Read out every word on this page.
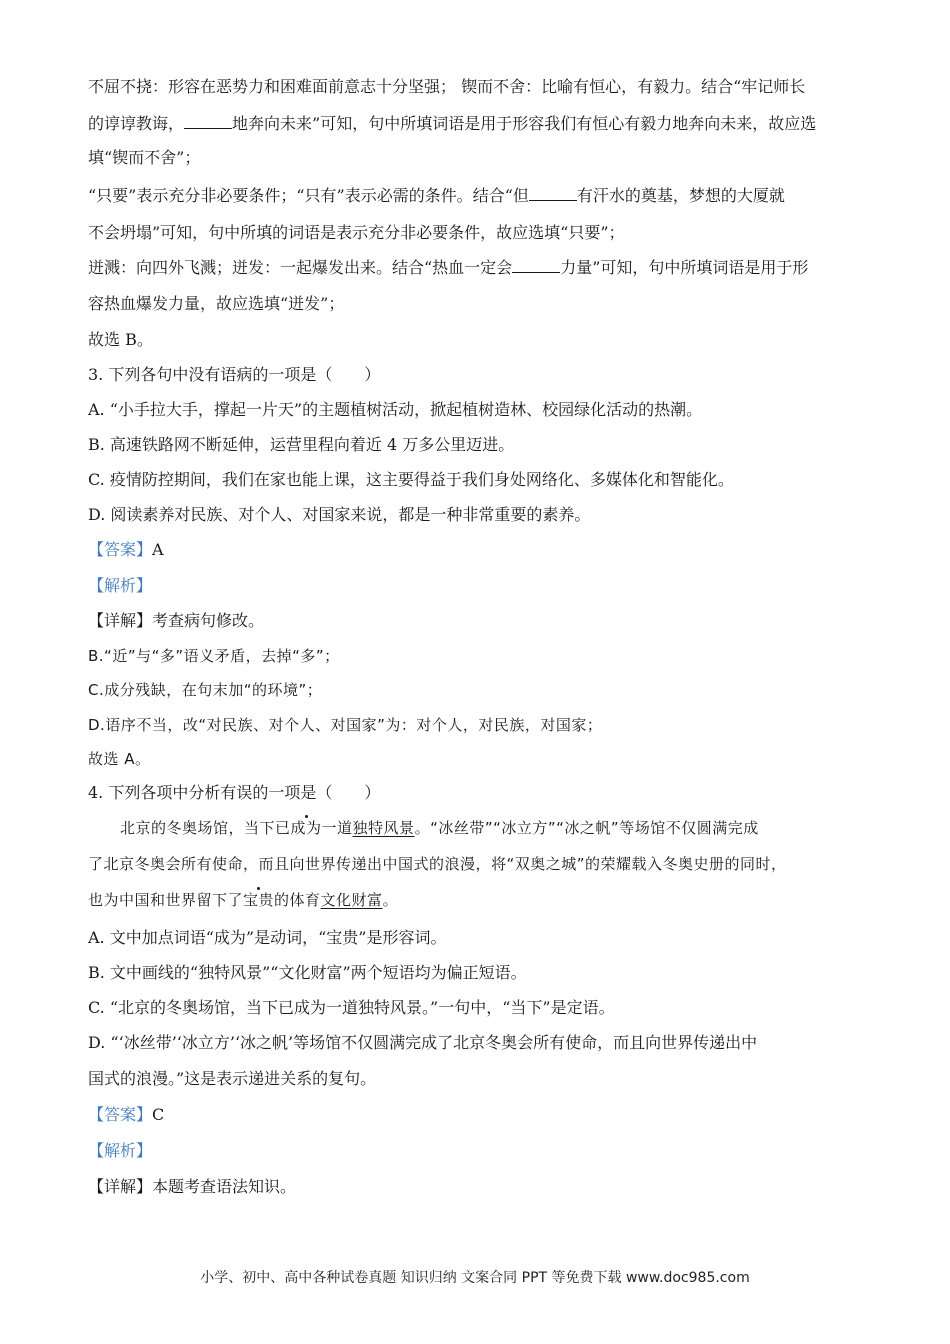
不屈不挠：形容在恶势力和困难面前意志十分坚强； 锲而不舍：比喻有恒心，有毅力。结合“牢记师长
的谆谆教诲，	地奔向未来”可知，句中所填词语是用于形容我们有恒心有毅力地奔向未来，故应选
填“锲而不舍”；
“只要”表示充分非必要条件；“只有”表示必需的条件。结合“但	有汗水的奠基，梦想的大厦就
不会坍塌”可知，句中所填的词语是表示充分非必要条件，故应选填“只要”；
迸溅：向四外飞溅；迸发：一起爆发出来。结合“热血一定会	力量”可知，句中所填词语是用于形
容热血爆发力量，故应选填“迸发”；
故选 B。
3. 下列各句中没有语病的一项是（　　）
A. “小手拉大手，撑起一片天”的主题植树活动，掀起植树造林、校园绿化活动的热潮。
B. 高速铁路网不断延伸，运营里程向着近 4 万多公里迈进。
C. 疫情防控期间，我们在家也能上课，这主要得益于我们身处网络化、多媒体化和智能化。
D. 阅读素养对民族、对个人、对国家来说，都是一种非常重要的素养。
【答案】A
【解析】
【详解】考查病句修改。
B.“近”与“多”语义矛盾，去掉“多”；
C.成分残缺，在句末加“的环境”；
D.语序不当，改“对民族、对个人、对国家”为：对个人，对民族，对国家；
故选 A。
4. 下列各项中分析有误的一项是（　　）
北京的冬奥场馆，当下已成为一道独特风景。“冰丝带”“冰立方”“冰之帆”等场馆不仅圆满完成
了北京冬奥会所有使命，而且向世界传递出中国式的浪漫，将“双奥之城”的荣耀载入冬奥史册的同时，
也为中国和世界留下了宝贵的体育文化财富。
A. 文中加点词语“成为”是动词，“宝贵”是形容词。
B. 文中画线的“独特风景”“文化财富”两个短语均为偏正短语。
C. “北京的冬奥场馆，当下已成为一道独特风景。”一句中，“当下”是定语。
D. “‘冰丝带’‘冰立方’‘冰之帆’等场馆不仅圆满完成了北京冬奥会所有使命，而且向世界传递出中
国式的浪漫。”这是表示递进关系的复句。
【答案】C
【解析】
【详解】本题考查语法知识。
小学、初中、高中各种试卷真题 知识归纳 文案合同 PPT 等免费下载 www.doc985.com
